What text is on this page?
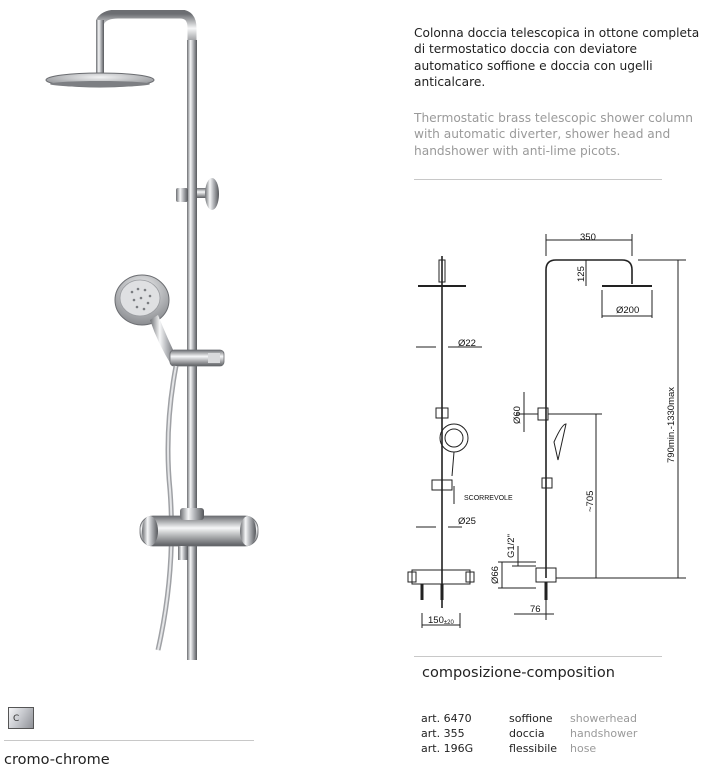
Colonna doccia telescopica in ottone completa di termostatico doccia con deviatore automatico soffione e doccia con ugelli anticalcare.
Thermostatic brass telescopic shower column with automatic diverter, shower head and handshower with anti-lime picots.
Ø22
SCORREVOLE
Ø25
150±20
350
125
Ø200
790min.-1330max
Ø60
~705
G1/2"
Ø66
76
composizione-composition
art. 6470	soffione	showerhead
art. 355	doccia	handshower
art. 196G	flessibile	hose
C
cromo-chrome
